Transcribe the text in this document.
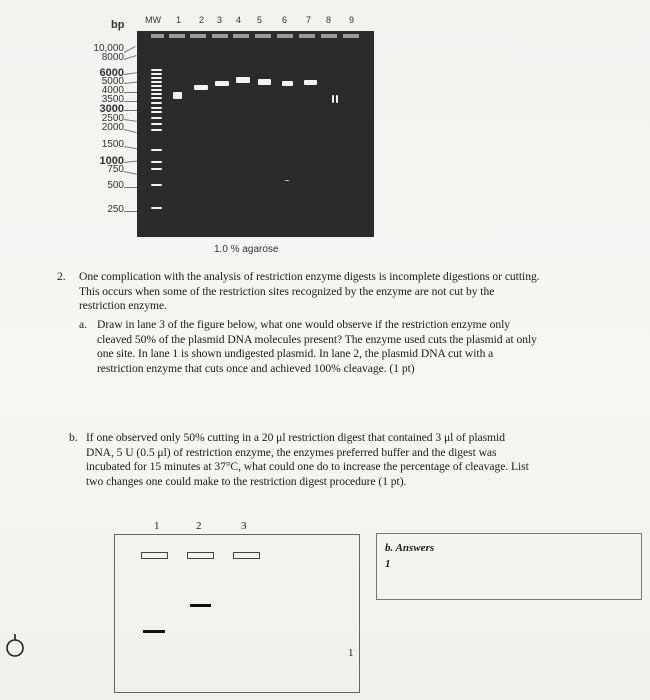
bp MW 1 2 3 4 5 6 7 8 9
10,000
8000
6000
5000
4000
3500
3000
2500
2000
1500
1000
750
500
250
1.0 % agarose
2. One complication with the analysis of restriction enzyme digests is incomplete digestions or cutting.
This occurs when some of the restriction sites recognized by the enzyme are not cut by the
restriction enzyme.
a. Draw in lane 3 of the figure below, what one would observe if the restriction enzyme only
cleaved 50% of the plasmid DNA molecules present? The enzyme used cuts the plasmid at only
one site. In lane 1 is shown undigested plasmid. In lane 2, the plasmid DNA cut with a
restriction enzyme that cuts once and achieved 100% cleavage. (1 pt)
b. If one observed only 50% cutting in a 20 μl restriction digest that contained 3 μl of plasmid
DNA, 5 U (0.5 μl) of restriction enzyme, the enzymes preferred buffer and the digest was
incubated for 15 minutes at 37°C, what could one do to increase the percentage of cleavage. List
two changes one could make to the restriction digest procedure (1 pt).
1	2	3
b. Answers
1
1
